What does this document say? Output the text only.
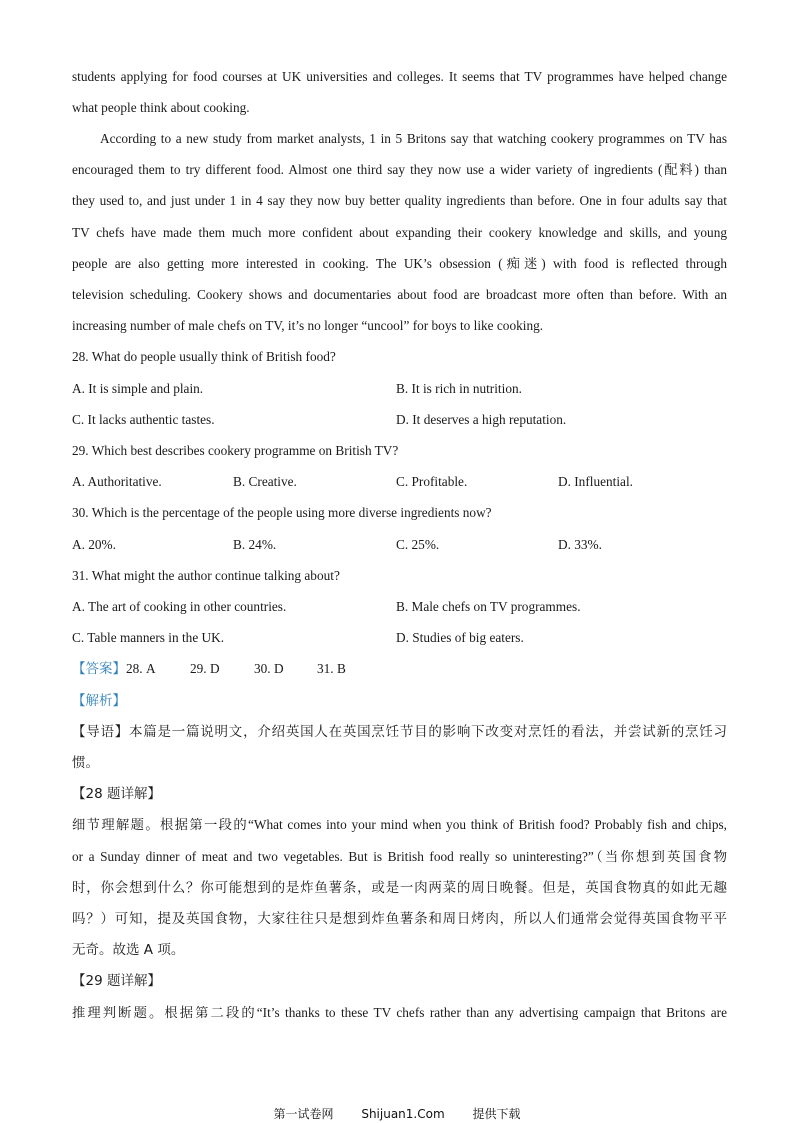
students applying for food courses at UK universities and colleges. It seems that TV programmes have helped change
what people think about cooking.
According to a new study from market analysts, 1 in 5 Britons say that watching cookery programmes on TV has
encouraged them to try different food. Almost one third say they now use a wider variety of ingredients (配料) than
they used to, and just under 1 in 4 say they now buy better quality ingredients than before. One in four adults say that
TV chefs have made them much more confident about expanding their cookery knowledge and skills, and young
people are also getting more interested in cooking. The UK’s obsession (痴迷) with food is reflected through
television scheduling. Cookery shows and documentaries about food are broadcast more often than before. With an
increasing number of male chefs on TV, it’s no longer “uncool” for boys to like cooking.
28. What do people usually think of British food?
A. It is simple and plain.	B. It is rich in nutrition.
C. It lacks authentic tastes.	D. It deserves a high reputation.
29. Which best describes cookery programme on British TV?
A. Authoritative.	B. Creative.	C. Profitable.	D. Influential.
30. Which is the percentage of the people using more diverse ingredients now?
A. 20%.	B. 24%.	C. 25%.	D. 33%.
31. What might the author continue talking about?
A. The art of cooking in other countries.	B. Male chefs on TV programmes.
C. Table manners in the UK.	D. Studies of big eaters.
【答案】28. A	29. D	30. D	31. B
【解析】
【导语】本篇是一篇说明文，介绍英国人在英国烹饪节目的影响下改变对烹饪的看法，并尝试新的烹饪习
惯。
【28 题详解】
细节理解题。根据第一段的“What comes into your mind when you think of British food? Probably fish and chips,
or a Sunday dinner of meat and two vegetables. But is British food really so uninteresting?”（当你想到英国食物
时，你会想到什么？你可能想到的是炸鱼薯条，或是一肉两菜的周日晚餐。但是，英国食物真的如此无趣
吗？）可知，提及英国食物，大家往往只是想到炸鱼薯条和周日烤肉，所以人们通常会觉得英国食物平平
无奇。故选 A 项。
【29 题详解】
推理判断题。根据第二段的“It’s thanks to these TV chefs rather than any advertising campaign that Britons are
第一试卷网 Shijuan1.Com 提供下载
